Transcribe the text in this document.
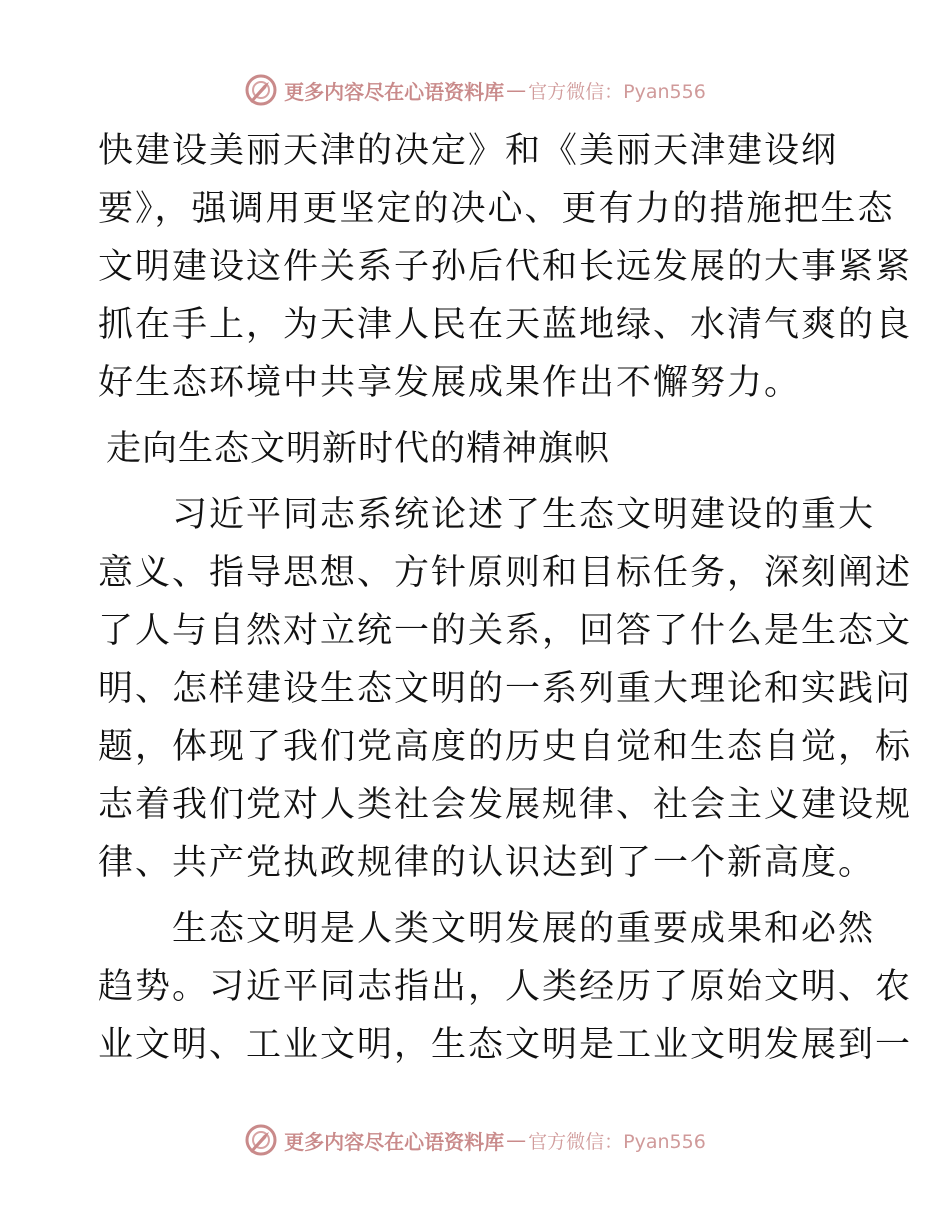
更多内容尽在心语资料库 — 官方微信：Pyan556
快建设美丽天津的决定》和《美丽天津建设纲
要》，强调用更坚定的决心、更有力的措施把生态
文明建设这件关系子孙后代和长远发展的大事紧紧
抓在手上，为天津人民在天蓝地绿、水清气爽的良
好生态环境中共享发展成果作出不懈努力。
走向生态文明新时代的精神旗帜
　　习近平同志系统论述了生态文明建设的重大
意义、指导思想、方针原则和目标任务，深刻阐述
了人与自然对立统一的关系，回答了什么是生态文
明、怎样建设生态文明的一系列重大理论和实践问
题，体现了我们党高度的历史自觉和生态自觉，标
志着我们党对人类社会发展规律、社会主义建设规
律、共产党执政规律的认识达到了一个新高度。
　　生态文明是人类文明发展的重要成果和必然
趋势。习近平同志指出，人类经历了原始文明、农
业文明、工业文明，生态文明是工业文明发展到一
更多内容尽在心语资料库 — 官方微信：Pyan556
